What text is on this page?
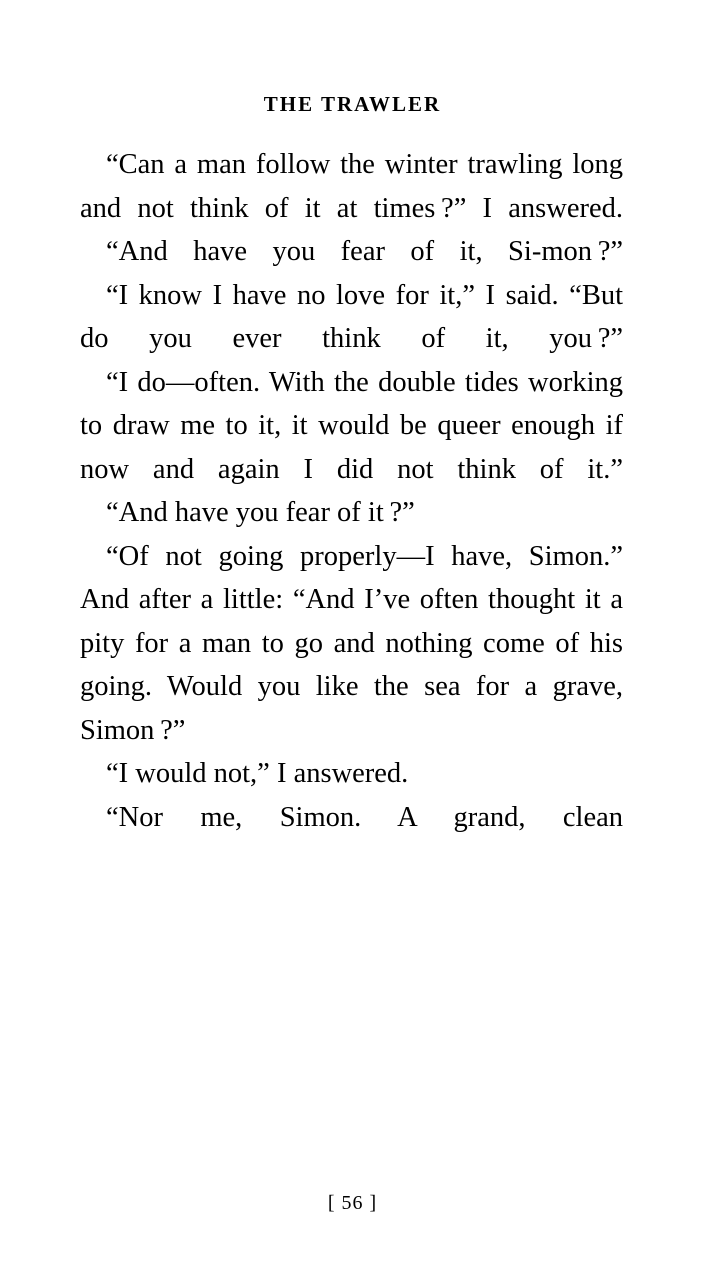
THE TRAWLER

“Can a man follow the winter trawling long and not think of it at times ?” I answered.

“And have you fear of it, Si-mon ?”

“I know I have no love for it,” I said. “But do you ever think of it, you ?”

“I do—often. With the double tides working to draw me to it, it would be queer enough if now and again I did not think of it.”

“And have you fear of it ?”

“Of not going properly—I have, Simon.” And after a little: “And I’ve often thought it a pity for a man to go and nothing come of his going. Would you like the sea for a grave, Simon ?”

“I would not,” I answered.

“Nor me, Simon. A grand, clean

[ 56 ]
